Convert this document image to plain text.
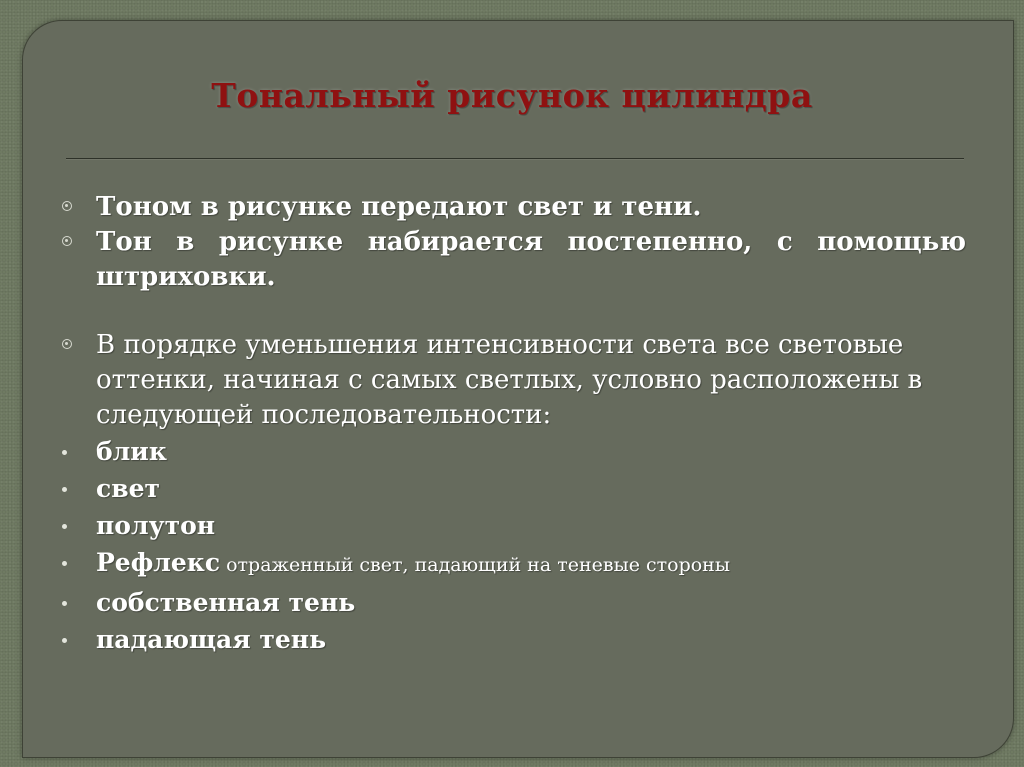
Тональный рисунок цилиндра
Тоном в рисунке передают свет и тени.
Тон в рисунке набирается постепенно, с помощью штриховки.
В порядке уменьшения интенсивности света все световые оттенки, начиная с самых светлых, условно расположены в следующей последовательности:
блик
свет
полутон
Рефлекс отраженный свет, падающий на теневые стороны
собственная тень
падающая тень
